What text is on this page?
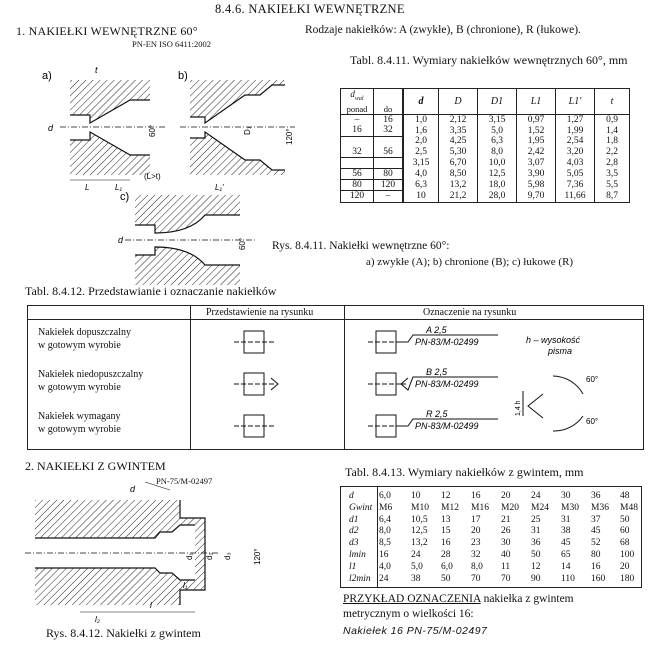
8.4.6. NAKIEŁKI WEWNĘTRZNE
1. NAKIEŁKI WEWNĘTRZNE 60°
PN-EN ISO 6411:2002
Rodzaje nakiełków: A (zwykłe), B (chronione), R (łukowe).
a)	b)
c)
d
t
60°
L	L₁
(L>t)
D₁	120°
L₁'
d	60°
Tabl. 8.4.11. Wymiary nakiełków wewnętrznych 60°, mm
$d_{wal}$
ponad	do	d	D	D1	L1	L1'	t
–	16	1,0	2,12	3,15	0,97	1,27	0,9
16	32	1,6	3,35	5,0	1,52	1,99	1,4
		2,0	4,25	6,3	1,95	2,54	1,8
32	56	2,5	5,30	8,0	2,42	3,20	2,2
		3,15	6,70	10,0	3,07	4,03	2,8
56	80	4,0	8,50	12,5	3,90	5,05	3,5
80	120	6,3	13,2	18,0	5,98	7,36	5,5
120	–	10	21,2	28,0	9,70	11,66	8,7
Rys. 8.4.11. Nakiełki wewnętrzne 60°:
a) zwykłe (A); b) chronione (B); c) łukowe (R)
Tabl. 8.4.12. Przedstawianie i oznaczanie nakiełków
Przedstawienie na rysunku	Oznaczenie na rysunku
Nakiełek dopuszczalny
w gotowym wyrobie
Nakiełek niedopuszczalny
w gotowym wyrobie
Nakiełek wymagany
w gotowym wyrobie
A 2,5
PN-83/M-02499
B 2,5
PN-83/M-02499
R 2,5
PN-83/M-02499
h – wysokość
pisma
60°
60°
1,4 h
2. NAKIEŁKI Z GWINTEM
PN-75/M-02497
d
d₁ d₂ d₃	120°
l₂
l
l₁
Tabl. 8.4.13. Wymiary nakiełków z gwintem, mm
d	6,0 10 12 16 20 24 30 36 48
Gwint M6 M10 M12 M16 M20 M24 M30 M36 M48
d1 6,4 10,5 13 17 21 25 31 37 50
d2 8,0 12,5 15 20 26 31 38 45 60
d3 8,5 13,2 16 23 30 36 45 52 68
lmin 16 24 28 32 40 50 65 80 100
l1 4,0 5,0 6,0 8,0 11 12 14 16 20
l2min 24 38 50 70 70 90 110 160 180
PRZYKŁAD OZNACZENIA nakiełka z gwintem
metrycznym o wielkości 16:
Nakiełek 16 PN-75/M-02497
Rys. 8.4.12. Nakiełki z gwintem
